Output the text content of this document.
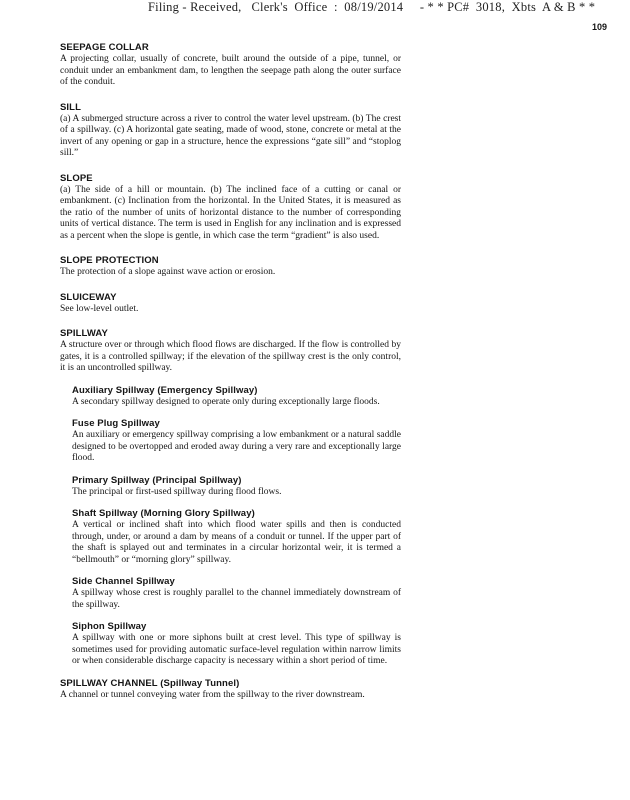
Filing - Received,   Clerk's  Office  :  08/19/2014     - * * PC#  3018,  Xbts  A & B * *
109
SEEPAGE COLLAR
A projecting collar, usually of concrete, built around the outside of a pipe, tunnel, or conduit under an embankment dam, to lengthen the seepage path along the outer surface of the conduit.
SILL
(a) A submerged structure across a river to control the water level upstream. (b) The crest of a spillway. (c) A horizontal gate seating, made of wood, stone, concrete or metal at the invert of any opening or gap in a structure, hence the expressions “gate sill” and “stoplog sill.”
SLOPE
(a) The side of a hill or mountain. (b) The inclined face of a cutting or canal or embankment. (c) Inclination from the horizontal. In the United States, it is measured as the ratio of the number of units of horizontal distance to the number of corresponding units of vertical distance. The term is used in English for any inclination and is expressed as a percent when the slope is gentle, in which case the term “gradient” is also used.
SLOPE PROTECTION
The protection of a slope against wave action or erosion.
SLUICEWAY
See low-level outlet.
SPILLWAY
A structure over or through which flood flows are discharged. If the flow is controlled by gates, it is a controlled spillway; if the elevation of the spillway crest is the only control, it is an uncontrolled spillway.
Auxiliary Spillway (Emergency Spillway)
A secondary spillway designed to operate only during exceptionally large floods.
Fuse Plug Spillway
An auxiliary or emergency spillway comprising a low embankment or a natural saddle designed to be overtopped and eroded away during a very rare and exceptionally large flood.
Primary Spillway (Principal Spillway)
The principal or first-used spillway during flood flows.
Shaft Spillway (Morning Glory Spillway)
A vertical or inclined shaft into which flood water spills and then is conducted through, under, or around a dam by means of a conduit or tunnel. If the upper part of the shaft is splayed out and terminates in a circular horizontal weir, it is termed a “bellmouth” or “morning glory” spillway.
Side Channel Spillway
A spillway whose crest is roughly parallel to the channel immediately downstream of the spillway.
Siphon Spillway
A spillway with one or more siphons built at crest level. This type of spillway is sometimes used for providing automatic surface-level regulation within narrow limits or when considerable discharge capacity is necessary within a short period of time.
SPILLWAY CHANNEL (Spillway Tunnel)
A channel or tunnel conveying water from the spillway to the river downstream.
